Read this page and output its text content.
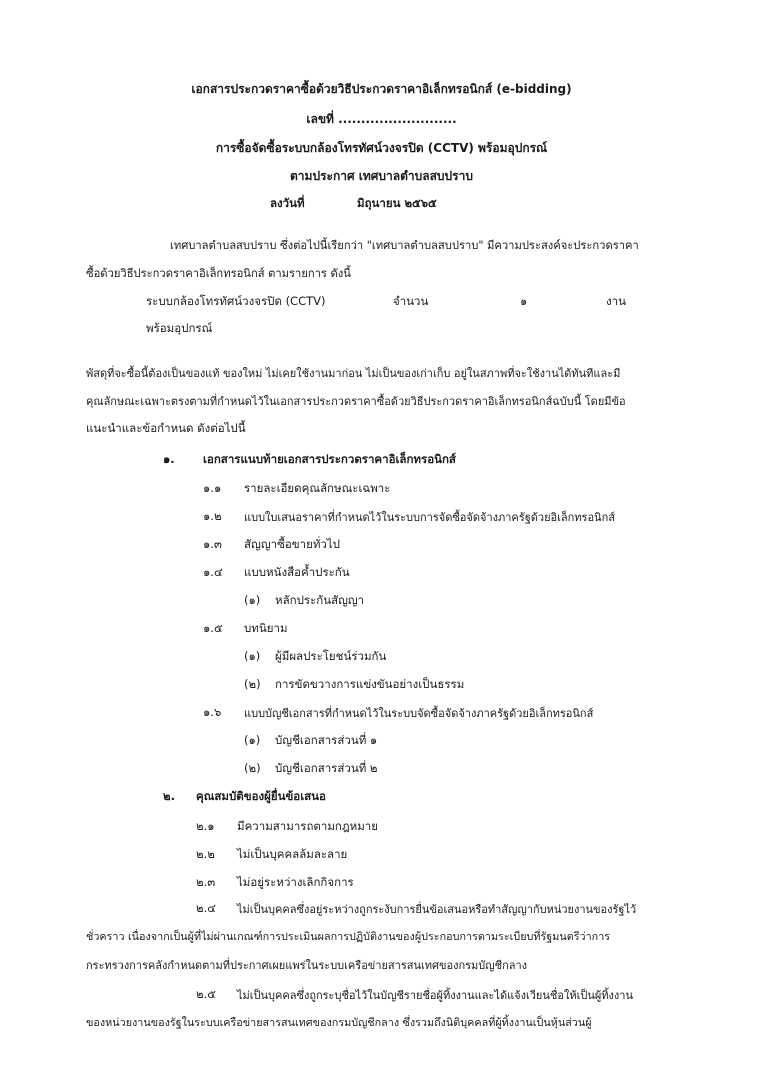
เอกสารประกวดราคาซื้อด้วยวิธีประกวดราคาอิเล็กทรอนิกส์ (e-bidding)
เลขที่ ..........................
การซื้อจัดซื้อระบบกล้องโทรทัศน์วงจรปิด (CCTV) พร้อมอุปกรณ์
ตามประกาศ เทศบาลตำบลสบปราบ
ลงวันที่	มิถุนายน ๒๕๖๕
เทศบาลตำบลสบปราบ ซึ่งต่อไปนี้เรียกว่า "เทศบาลตำบลสบปราบ" มีความประสงค์จะประกวดราคา
ซื้อด้วยวิธีประกวดราคาอิเล็กทรอนิกส์ ตามรายการ ดังนี้
ระบบกล้องโทรทัศน์วงจรปิด (CCTV)	จำนวน	๑	งาน
พร้อมอุปกรณ์
พัสดุที่จะซื้อนี้ต้องเป็นของแท้ ของใหม่ ไม่เคยใช้งานมาก่อน ไม่เป็นของเก่าเก็บ อยู่ในสภาพที่จะใช้งานได้ทันทีและมี
คุณลักษณะเฉพาะตรงตามที่กำหนดไว้ในเอกสารประกวดราคาซื้อด้วยวิธีประกวดราคาอิเล็กทรอนิกส์ฉบับนี้ โดยมีข้อ
แนะนำและข้อกำหนด ดังต่อไปนี้
๑. เอกสารแนบท้ายเอกสารประกวดราคาอิเล็กทรอนิกส์
๑.๑ รายละเอียดคุณลักษณะเฉพาะ
๑.๒ แบบใบเสนอราคาที่กำหนดไว้ในระบบการจัดซื้อจัดจ้างภาครัฐด้วยอิเล็กทรอนิกส์
๑.๓ สัญญาซื้อขายทั่วไป
๑.๔ แบบหนังสือค้ำประกัน
(๑) หลักประกันสัญญา
๑.๕ บทนิยาม
(๑) ผู้มีผลประโยชน์ร่วมกัน
(๒) การขัดขวางการแข่งขันอย่างเป็นธรรม
๑.๖ แบบบัญชีเอกสารที่กำหนดไว้ในระบบจัดซื้อจัดจ้างภาครัฐด้วยอิเล็กทรอนิกส์
(๑) บัญชีเอกสารส่วนที่ ๑
(๒) บัญชีเอกสารส่วนที่ ๒
๒. คุณสมบัติของผู้ยื่นข้อเสนอ
๒.๑ มีความสามารถตามกฎหมาย
๒.๒ ไม่เป็นบุคคลล้มละลาย
๒.๓ ไม่อยู่ระหว่างเลิกกิจการ
๒.๔ ไม่เป็นบุคคลซึ่งอยู่ระหว่างถูกระงับการยื่นข้อเสนอหรือทำสัญญากับหน่วยงานของรัฐไว้
ชั่วคราว เนื่องจากเป็นผู้ที่ไม่ผ่านเกณฑ์การประเมินผลการปฏิบัติงานของผู้ประกอบการตามระเบียบที่รัฐมนตรีว่าการ
กระทรวงการคลังกำหนดตามที่ประกาศเผยแพร่ในระบบเครือข่ายสารสนเทศของกรมบัญชีกลาง
๒.๕ ไม่เป็นบุคคลซึ่งถูกระบุชื่อไว้ในบัญชีรายชื่อผู้ทิ้งงานและได้แจ้งเวียนชื่อให้เป็นผู้ทิ้งงาน
ของหน่วยงานของรัฐในระบบเครือข่ายสารสนเทศของกรมบัญชีกลาง ซึ่งรวมถึงนิติบุคคลที่ผู้ทิ้งงานเป็นหุ้นส่วนผู้
